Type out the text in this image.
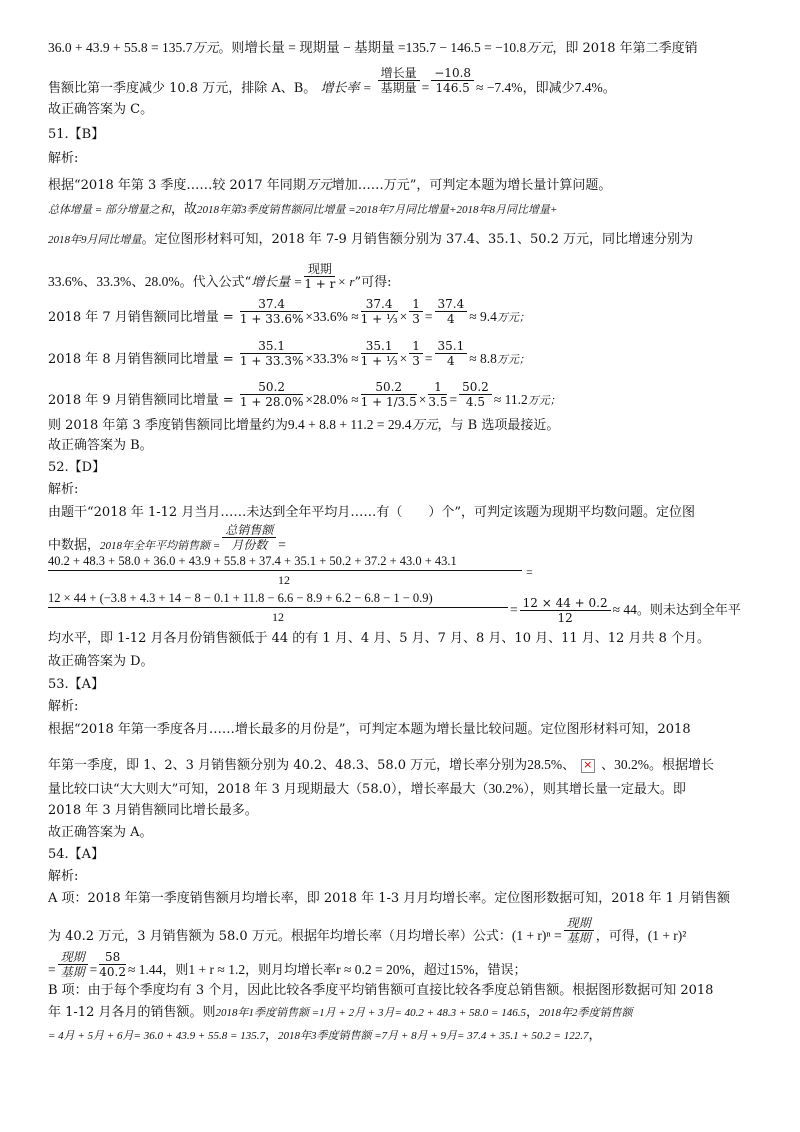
36.0 + 43.9 + 55.8 = 135.7万元。则增长量 = 现期量 − 基期量 =135.7 − 146.5 = −10.8万元，即 2018 年第二季度销
售额比第一季度减少 10.8 万元，排除 A、B。 增长率 =
增长量
基期量 = $\frac{-10.8}{146.5} \approx -7.4\%$，即减少7.4%。
故正确答案为 C。
51.【B】
解析:
根据“2018 年第 3 季度……较 2017 年同期万元增加……万元”，可判定本题为增长量计算问题。
总体增量 = 部分增量之和，故2018年第3季度销售额同比增量 =2018年7月同比增量+2018年8月同比增量+
2018年9月同比增量。定位图形材料可知，2018 年 7-9 月销售额分别为 37.4、35.1、50.2 万元，同比增速分别为
33.6%、33.3%、28.0%。代入公式“增长量 =
现期
1 + r × r”可得:
2018 年 7 月销售额同比增量 = $\frac{37.4}{1 + 33.6\%} \times 33.6\% \approx \frac{37.4}{\text{1 + ⅓}} \times \frac{1}{3} = \frac{37.4}{4} \approx 9.4$万元；
2018 年 8 月销售额同比增量 = $\frac{35.1}{1 + 33.3\%} \times 33.3\% \approx \frac{35.1}{\text{1 + ⅓}} \times \frac{1}{3} = \frac{35.1}{4} \approx 8.8$万元；
2018 年 9 月销售额同比增量 = $\frac{50.2}{1 + 28.0\%} \times 28.0\% \approx \frac{50.2}{1 + 1/3.5} \times \frac{1}{3.5} = \frac{50.2}{4.5} \approx 11.2$万元；
则 2018 年第 3 季度销售额同比增量约为9.4 + 8.8 + 11.2 = 29.4万元，与 B 选项最接近。
故正确答案为 B。
52.【D】
解析:
由题干“2018 年 1-12 月当月……未达到全年平均月……有（　　）个”，可判定该题为现期平均数问题。定位图
中数据，2018年全年平均销售额 =
总销售额
月份数 =
40.2 + 48.3 + 58.0 + 36.0 + 43.9 + 55.8 + 37.4 + 35.1 + 50.2 + 37.2 + 43.0 + 43.1
12
=
12 × 44 + (−3.8 + 4.3 + 14 − 8 − 0.1 + 11.8 − 6.6 − 8.9 + 6.2 − 6.8 − 1 − 0.9)
12	= $\frac{12 \times 44 + 0.2}{12} \approx 44$。则未达到全年平
均水平，即 1-12 月各月份销售额低于 44 的有 1 月、4 月、5 月、7 月、8 月、10 月、11 月、12 月共 8 个月。
故正确答案为 D。
53.【A】
解析:
根据“2018 年第一季度各月……增长最多的月份是”，可判定本题为增长量比较问题。定位图形材料可知，2018
年第一季度，即 1、2、3 月销售额分别为 40.2、48.3、58.0 万元，增长率分别为28.5%、× 、30.2%。根据增长
量比较口诀“大大则大”可知，2018 年 3 月现期最大（58.0），增长率最大（30.2%），则其增长量一定最大。即
2018 年 3 月销售额同比增长最多。
故正确答案为 A。
54.【A】
解析:
A 项：2018 年第一季度销售额月均增长率，即 2018 年 1-3 月月均增长率。定位图形数据可知，2018 年 1 月销售额
为 40.2 万元，3 月销售额为 58.0 万元。根据年均增长率（月均增长率）公式：(1 + r)ⁿ =
现期
基期 ，可得，(1 + r)²
=
现期
基期 = $\frac{58}{40.2} \approx 1.44$，则1 + r ≈ 1.2，则月均增长率r ≈ 0.2 = 20%，超过15%，错误；
B 项：由于每个季度均有 3 个月，因此比较各季度平均销售额可直接比较各季度总销售额。根据图形数据可知 2018
年 1-12 月各月的销售额。则2018年1季度销售额 =1月 + 2月 + 3月= 40.2 + 48.3 + 58.0 = 146.5，2018年2季度销售额
= 4月 + 5月 + 6月= 36.0 + 43.9 + 55.8 = 135.7，2018年3季度销售额 =7月 + 8月 + 9月= 37.4 + 35.1 + 50.2 = 122.7，
